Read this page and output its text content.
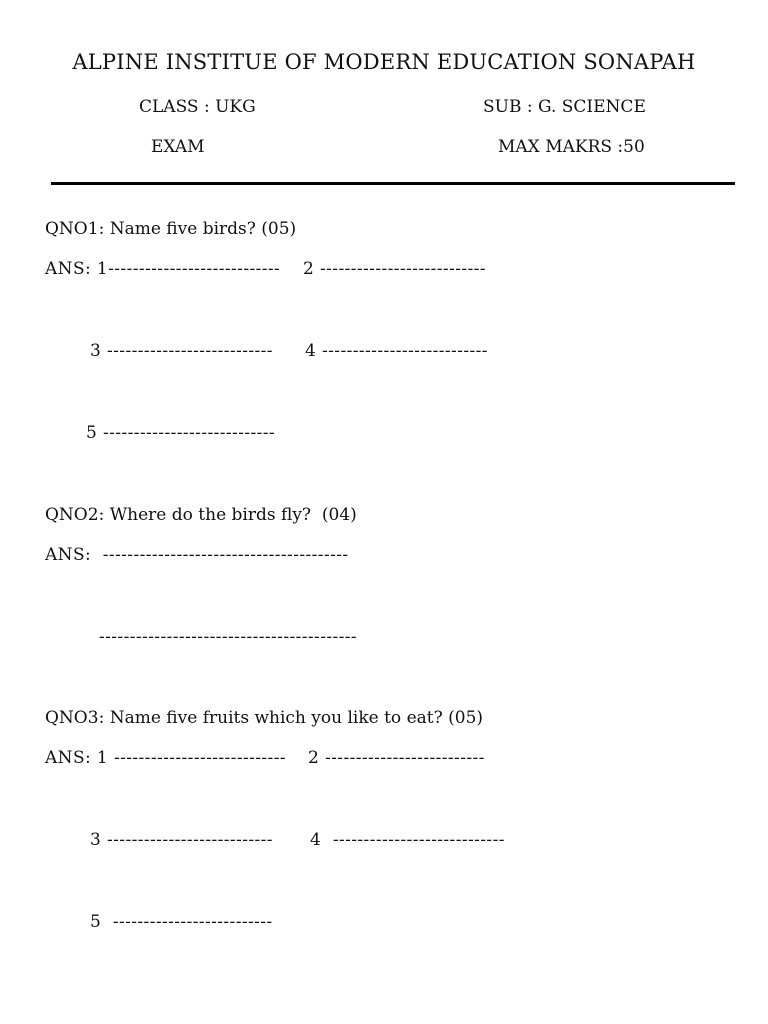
ALPINE INSTITUE OF MODERN EDUCATION SONAPAH
CLASS : UKG	SUB : G. SCIENCE
EXAM	MAX MAKRS :50
QNO1: Name five birds? (05)
ANS: 1---------------------------- 2 ---------------------------
3 --------------------------- 4 ---------------------------
5 ----------------------------
QNO2: Where do the birds fly?  (04)
ANS:  ----------------------------------------
------------------------------------------
QNO3: Name five fruits which you like to eat? (05)
ANS: 1 ---------------------------- 2 --------------------------
3 --------------------------- 4  ----------------------------
5  --------------------------
